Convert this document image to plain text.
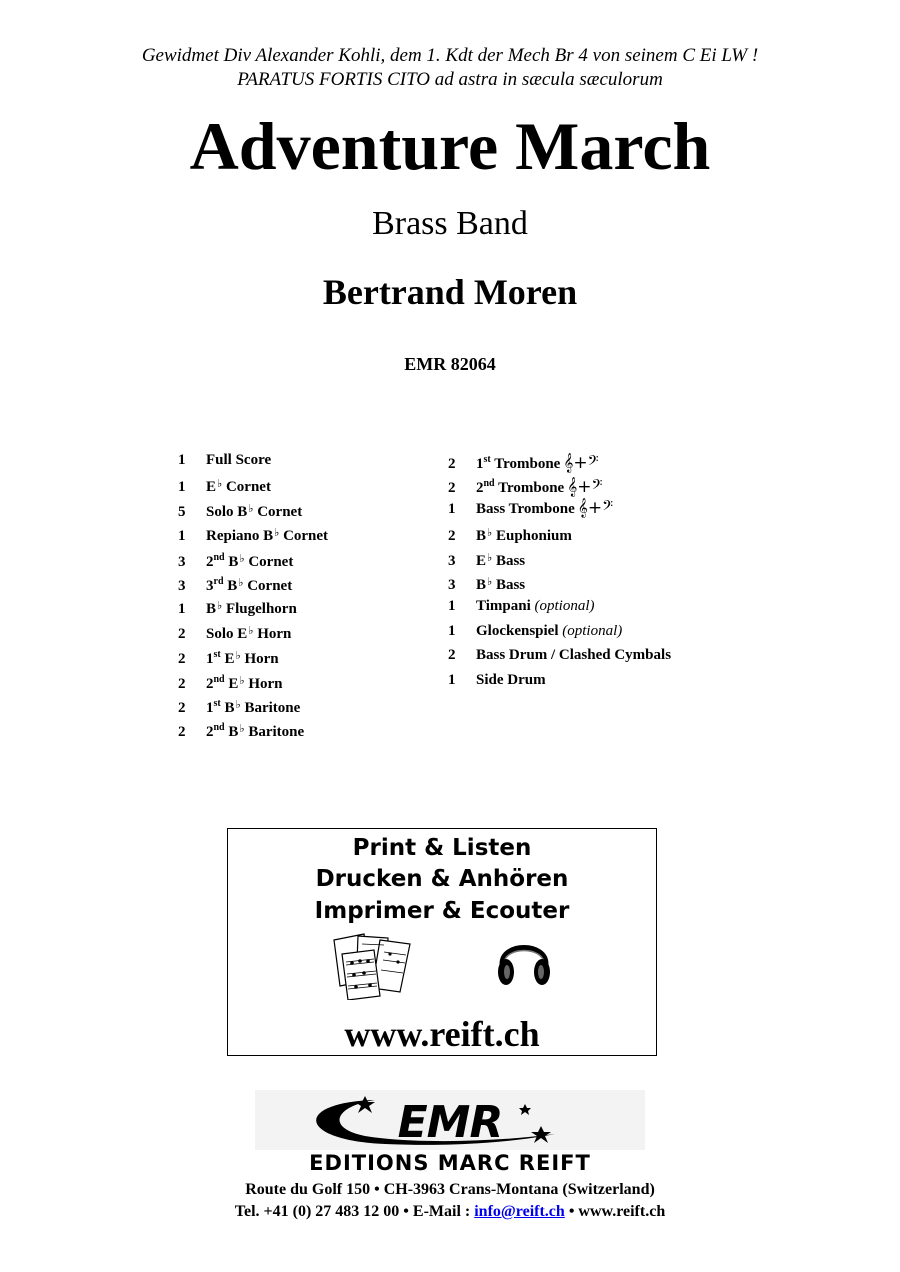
Gewidmet Div Alexander Kohli, dem 1. Kdt der Mech Br 4 von seinem C Ei LW !
PARATUS FORTIS CITO ad astra in sæcula sæculorum
Adventure March
Brass Band
Bertrand Moren
EMR 82064
1 Full Score
1 E♭ Cornet
5 Solo B♭ Cornet
1 Repiano B♭ Cornet
3 2nd B♭ Cornet
3 3rd B♭ Cornet
1 B♭ Flugelhorn
2 Solo E♭ Horn
2 1st E♭ Horn
2 2nd E♭ Horn
2 1st B♭ Baritone
2 2nd B♭ Baritone
2 1st Trombone 𝄞+𝄢
2 2nd Trombone 𝄞+𝄢
1 Bass Trombone 𝄞+𝄢
2 B♭ Euphonium
3 E♭ Bass
3 B♭ Bass
1 Timpani (optional)
1 Glockenspiel (optional)
2 Bass Drum / Clashed Cymbals
1 Side Drum
Print & Listen
Drucken & Anhören
Imprimer & Ecouter
www.reift.ch
EMR
EDITIONS MARC REIFT
Route du Golf 150 • CH-3963 Crans-Montana (Switzerland)
Tel. +41 (0) 27 483 12 00 • E-Mail : info@reift.ch • www.reift.ch
